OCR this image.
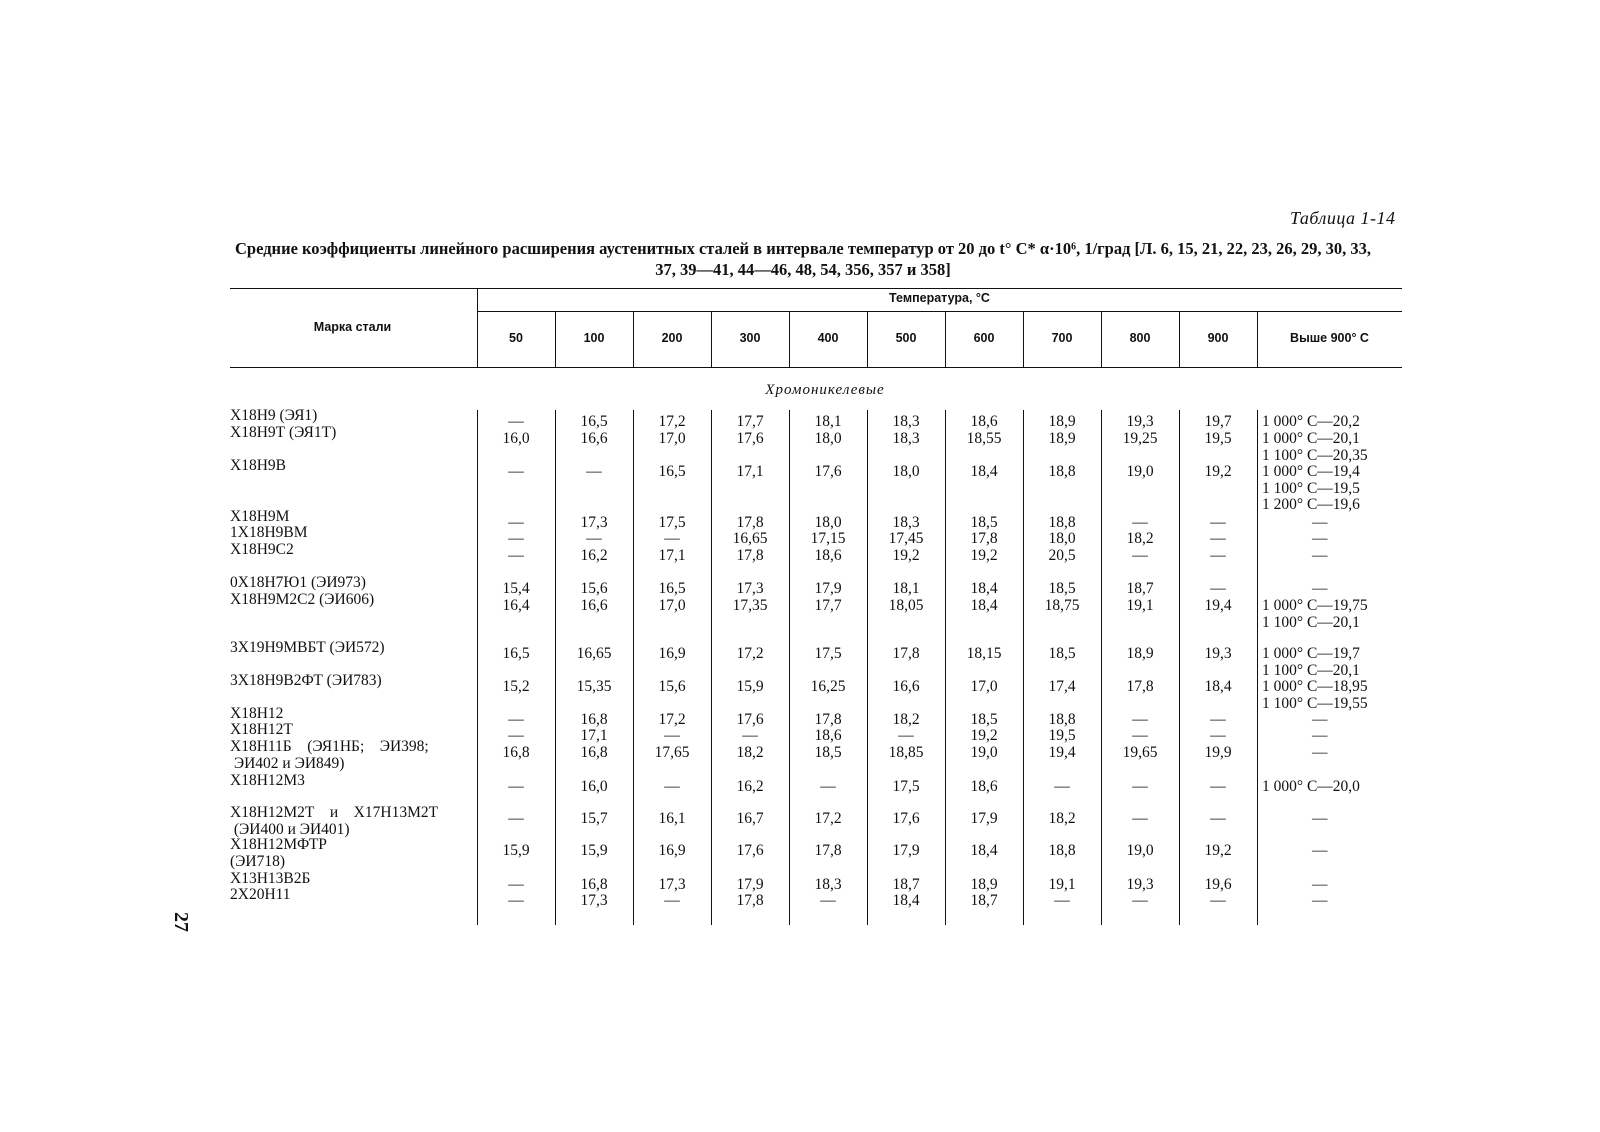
Таблица 1-14
Средние коэффициенты линейного расширения аустенитных сталей в интервале температур от 20 до t° C* α·10⁶, 1/град [Л. 6, 15, 21, 22, 23, 26, 29, 30, 33, 37, 39—41, 44—46, 48, 54, 356, 357 и 358]
27
Марка стали
Температура, °С
50	100	200	300	400	500	600	700	800	900	Выше 900° С
Хромоникелевые
Х18Н9 (ЭЯ1)	—	16,5	17,2	17,7	18,1	18,3	18,6	18,9	19,3	19,7	1 000° С—20,2
Х18Н9Т (ЭЯ1Т)	16,0	16,6	17,0	17,6	18,0	18,3	18,55	18,9	19,25	19,5	1 000° С—20,1
1 100° С—20,35
Х18Н9В	—	—	16,5	17,1	17,6	18,0	18,4	18,8	19,0	19,2	1 000° С—19,4
1 100° С—19,5
1 200° С—19,6
Х18Н9М	—	17,3	17,5	17,8	18,0	18,3	18,5	18,8	—	—	—
1Х18Н9ВМ	—	—	—	16,65	17,15	17,45	17,8	18,0	18,2	—	—
Х18Н9С2	—	16,2	17,1	17,8	18,6	19,2	19,2	20,5	—	—	—
0Х18Н7Ю1 (ЭИ973)	15,4	15,6	16,5	17,3	17,9	18,1	18,4	18,5	18,7	—	—
Х18Н9М2С2 (ЭИ606)	16,4	16,6	17,0	17,35	17,7	18,05	18,4	18,75	19,1	19,4	1 000° С—19,75
1 100° С—20,1
3Х19Н9МВБТ (ЭИ572)	16,5	16,65	16,9	17,2	17,5	17,8	18,15	18,5	18,9	19,3	1 000° С—19,7
1 100° С—20,1
3Х18Н9В2ФТ (ЭИ783)	15,2	15,35	15,6	15,9	16,25	16,6	17,0	17,4	17,8	18,4	1 000° С—18,95
1 100° С—19,55
Х18Н12	—	16,8	17,2	17,6	17,8	18,2	18,5	18,8	—	—	—
Х18Н12Т	—	17,1	—	—	18,6	—	19,2	19,5	—	—	—
Х18Н11Б    (ЭЯ1НБ;    ЭИ398;
ЭИ402 и ЭИ849)
16,8	16,8	17,65	18,2	18,5	18,85	19,0	19,4	19,65	19,9	—
Х18Н12М3	—	16,0	—	16,2	—	17,5	18,6	—	—	—	1 000° С—20,0
Х18Н12М2Т    и    Х17Н13М2Т
(ЭИ400 и ЭИ401)
—	15,7	16,1	16,7	17,2	17,6	17,9	18,2	—	—	—
Х18Н12МФТР
(ЭИ718)
15,9	15,9	16,9	17,6	17,8	17,9	18,4	18,8	19,0	19,2	—
Х13Н13В2Б	—	16,8	17,3	17,9	18,3	18,7	18,9	19,1	19,3	19,6	—
2Х20Н11	—	17,3	—	17,8	—	18,4	18,7	—	—	—	—
